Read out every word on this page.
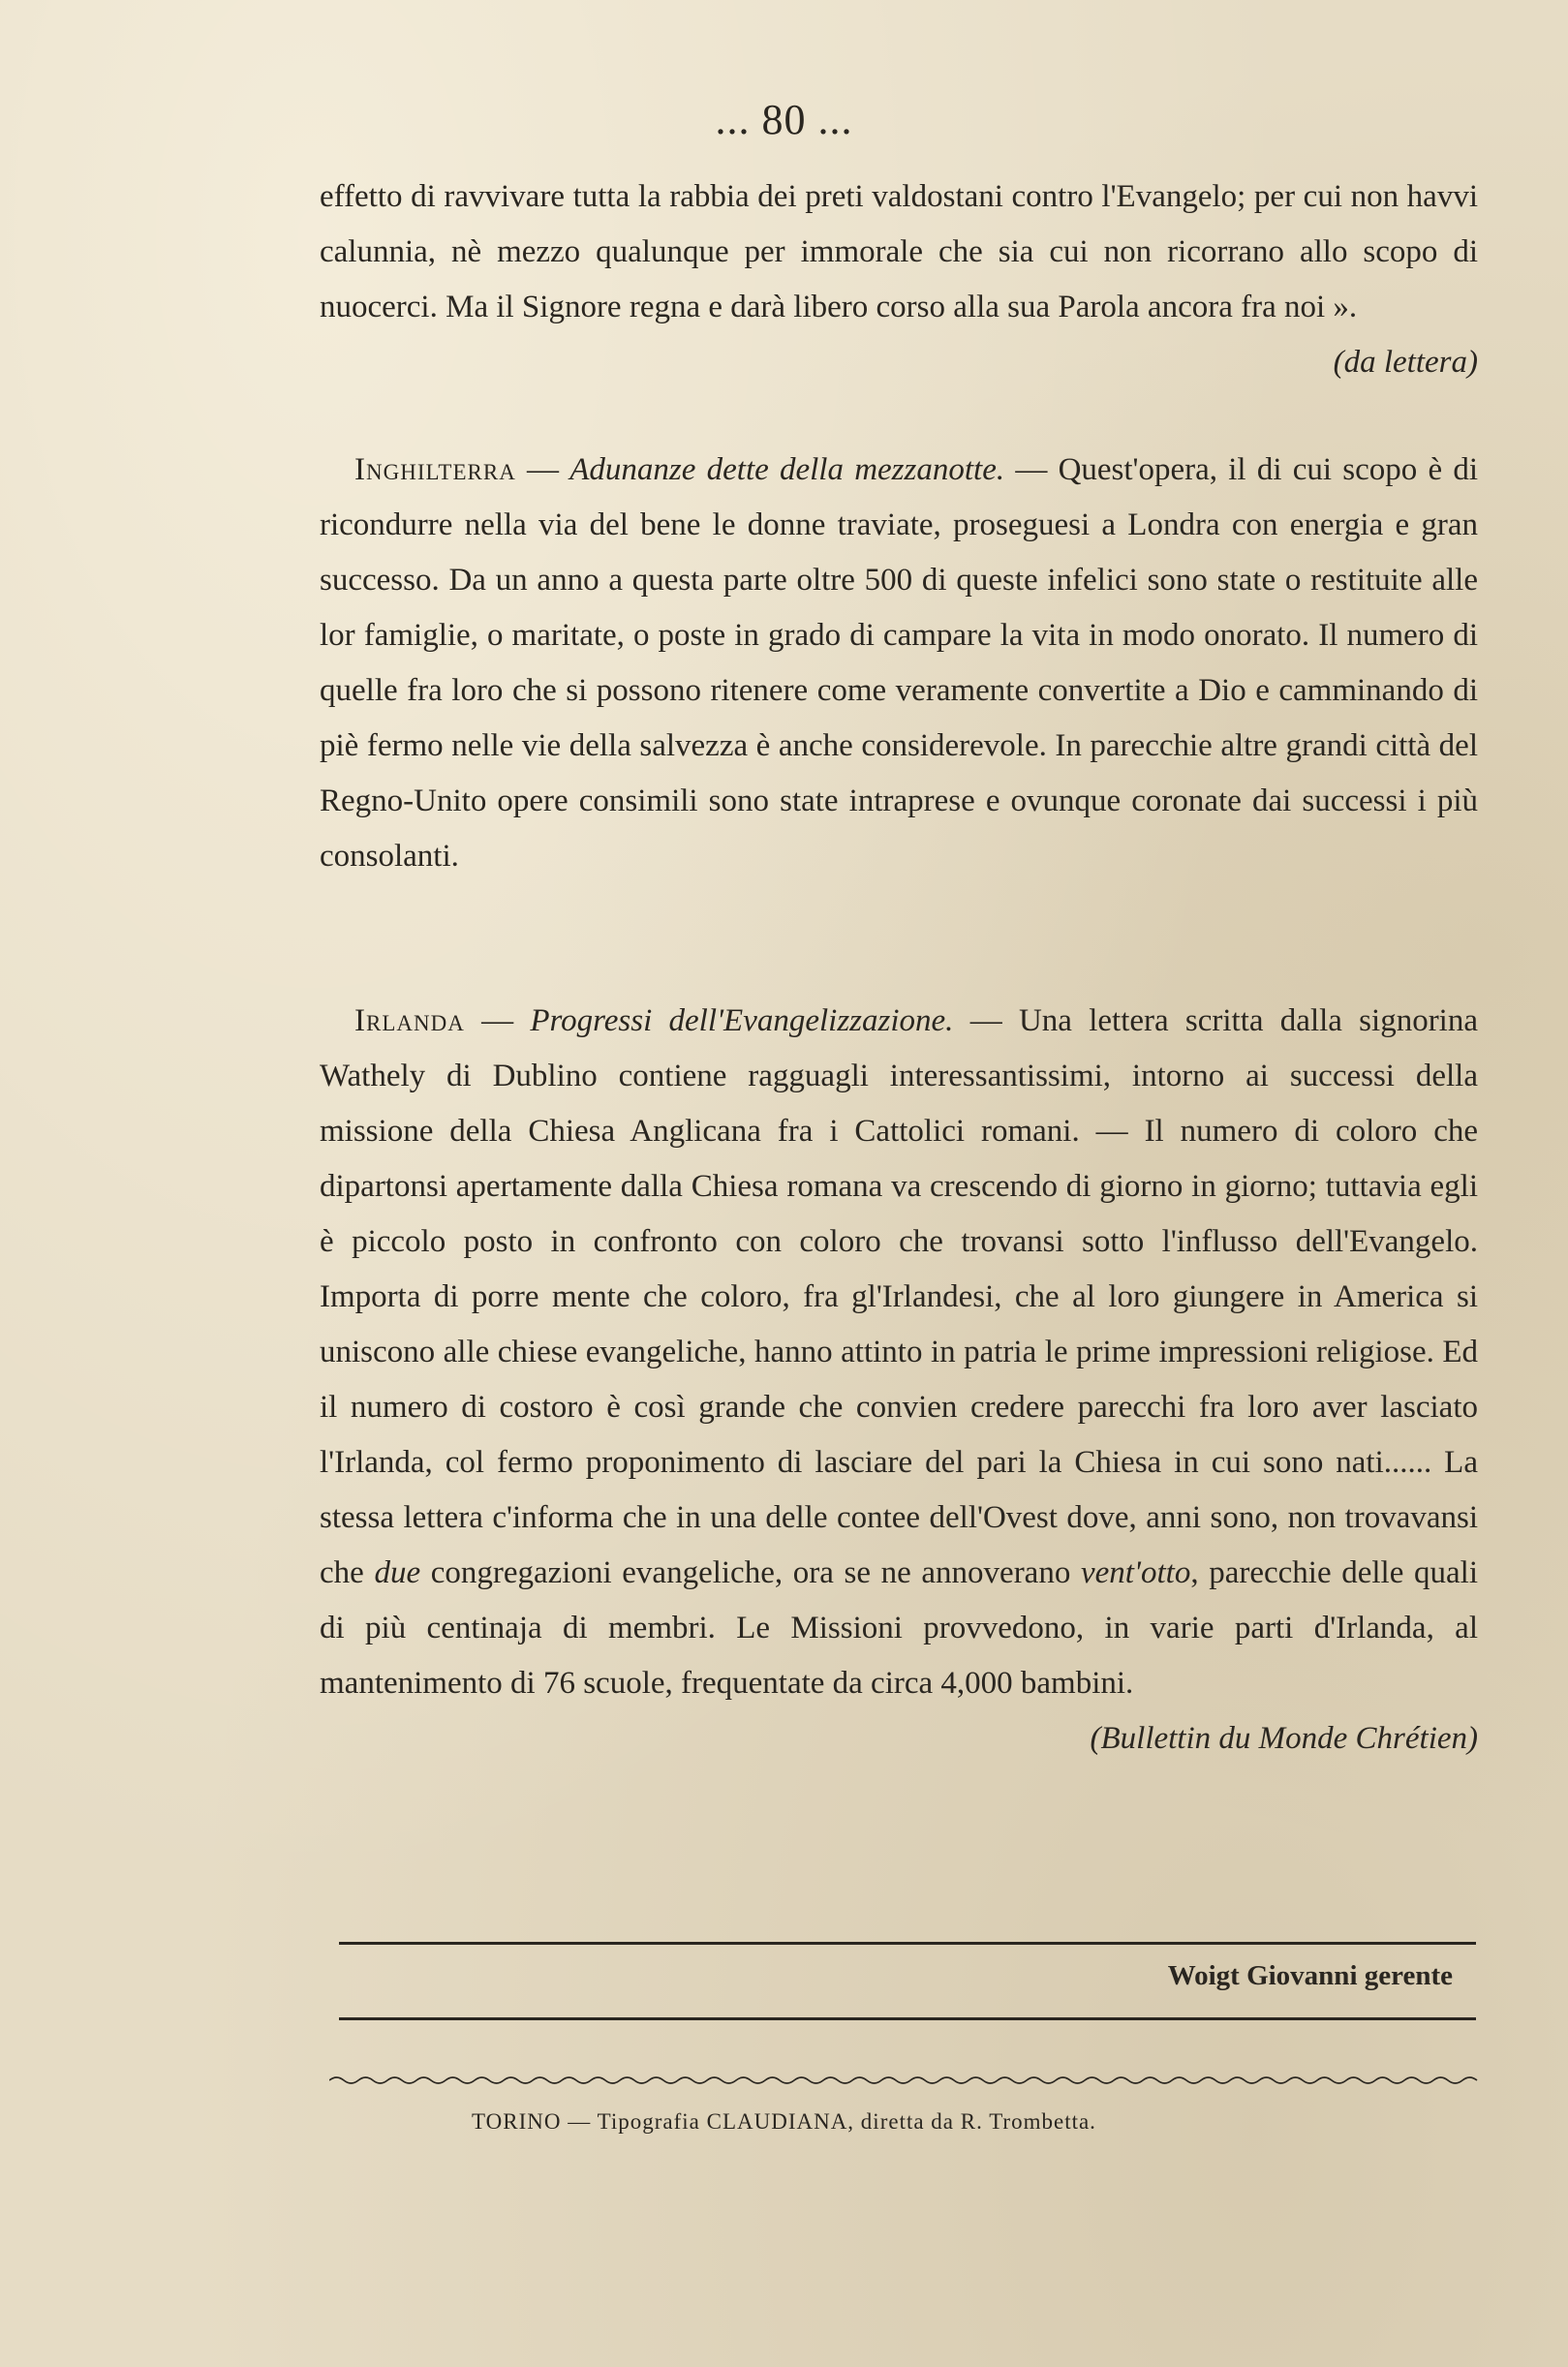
... 80 ...
effetto di ravvivare tutta la rabbia dei preti valdostani contro l'Evangelo; per cui non havvi calunnia, nè mezzo qualunque per immorale che sia cui non ricorrano allo scopo di nuocerci. Ma il Signore regna e darà libero corso alla sua Parola ancora fra noi ».
(da lettera)
Inghilterra — Adunanze dette della mezzanotte. — Quest'opera, il di cui scopo è di ricondurre nella via del bene le donne traviate, proseguesi a Londra con energia e gran successo. Da un anno a questa parte oltre 500 di queste infelici sono state o restituite alle lor famiglie, o maritate, o poste in grado di campare la vita in modo onorato. Il numero di quelle fra loro che si possono ritenere come veramente convertite a Dio e camminando di piè fermo nelle vie della salvezza è anche considerevole. In parecchie altre grandi città del Regno-Unito opere consimili sono state intraprese e ovunque coronate dai successi i più consolanti.
Irlanda — Progressi dell'Evangelizzazione. — Una lettera scritta dalla signorina Wathely di Dublino contiene ragguagli interessantissimi, intorno ai successi della missione della Chiesa Anglicana fra i Cattolici romani. — Il numero di coloro che dipartonsi apertamente dalla Chiesa romana va crescendo di giorno in giorno; tuttavia egli è piccolo posto in confronto con coloro che trovansi sotto l'influsso dell'Evangelo. Importa di porre mente che coloro, fra gl'Irlandesi, che al loro giungere in America si uniscono alle chiese evangeliche, hanno attinto in patria le prime impressioni religiose. Ed il numero di costoro è così grande che convien credere parecchi fra loro aver lasciato l'Irlanda, col fermo proponimento di lasciare del pari la Chiesa in cui sono nati...... La stessa lettera c'informa che in una delle contee dell'Ovest dove, anni sono, non trovavansi che due congregazioni evangeliche, ora se ne annoverano vent'otto, parecchie delle quali di più centinaja di membri. Le Missioni provvedono, in varie parti d'Irlanda, al mantenimento di 76 scuole, frequentate da circa 4,000 bambini.
(Bullettin du Monde Chrétien)
Woigt Giovanni gerente
TORINO — Tipografia CLAUDIANA, diretta da R. Trombetta.
